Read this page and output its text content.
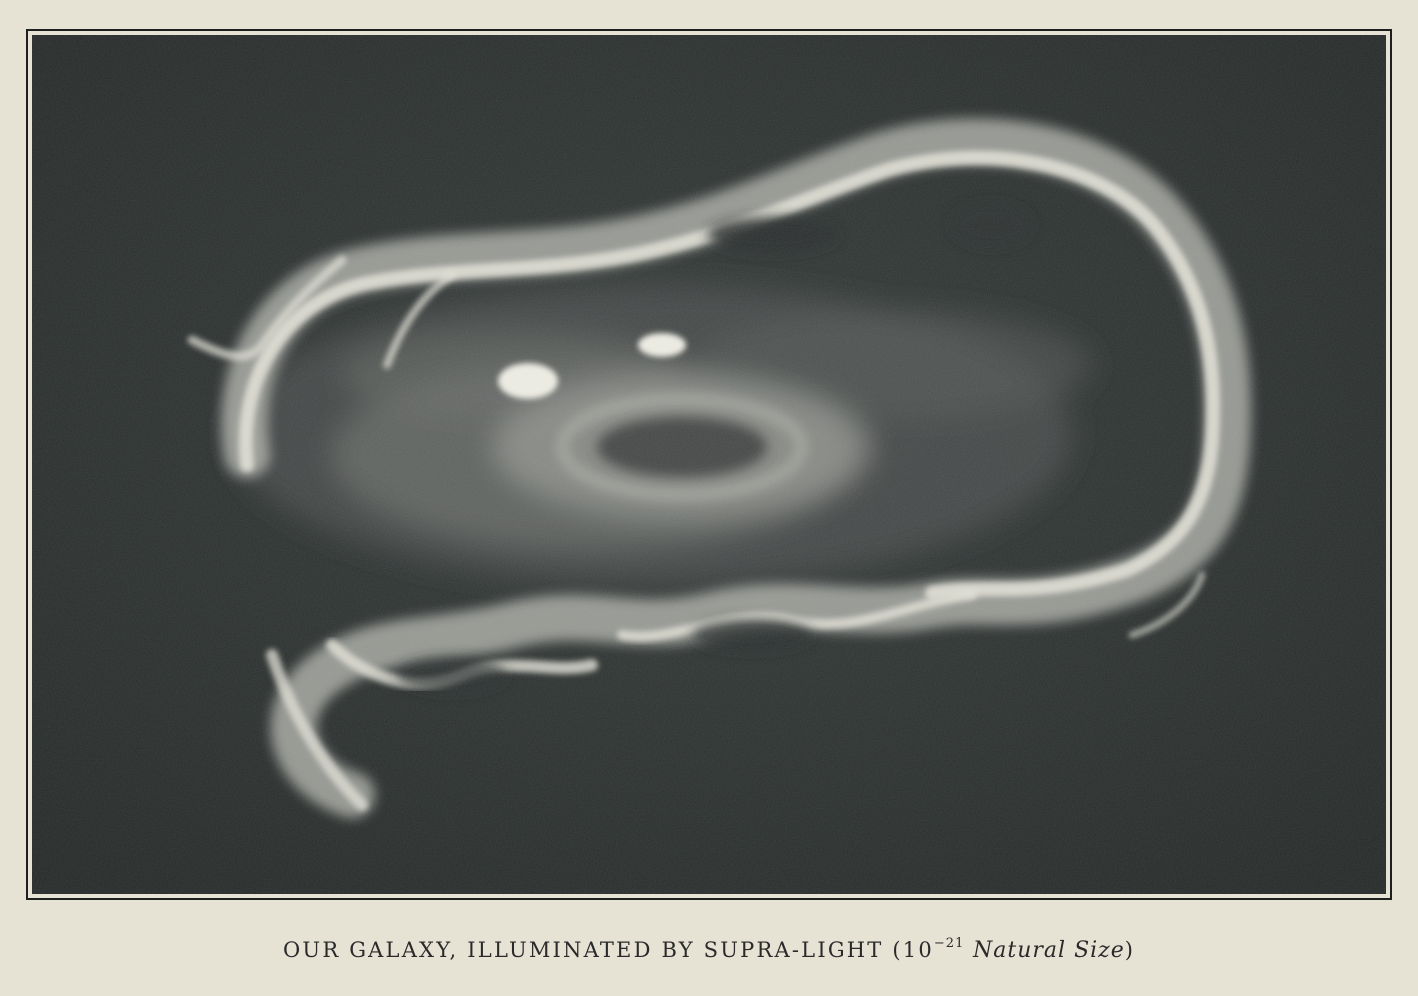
OUR GALAXY, ILLUMINATED BY SUPRA-LIGHT ($10^{-21}$ Natural Size)
